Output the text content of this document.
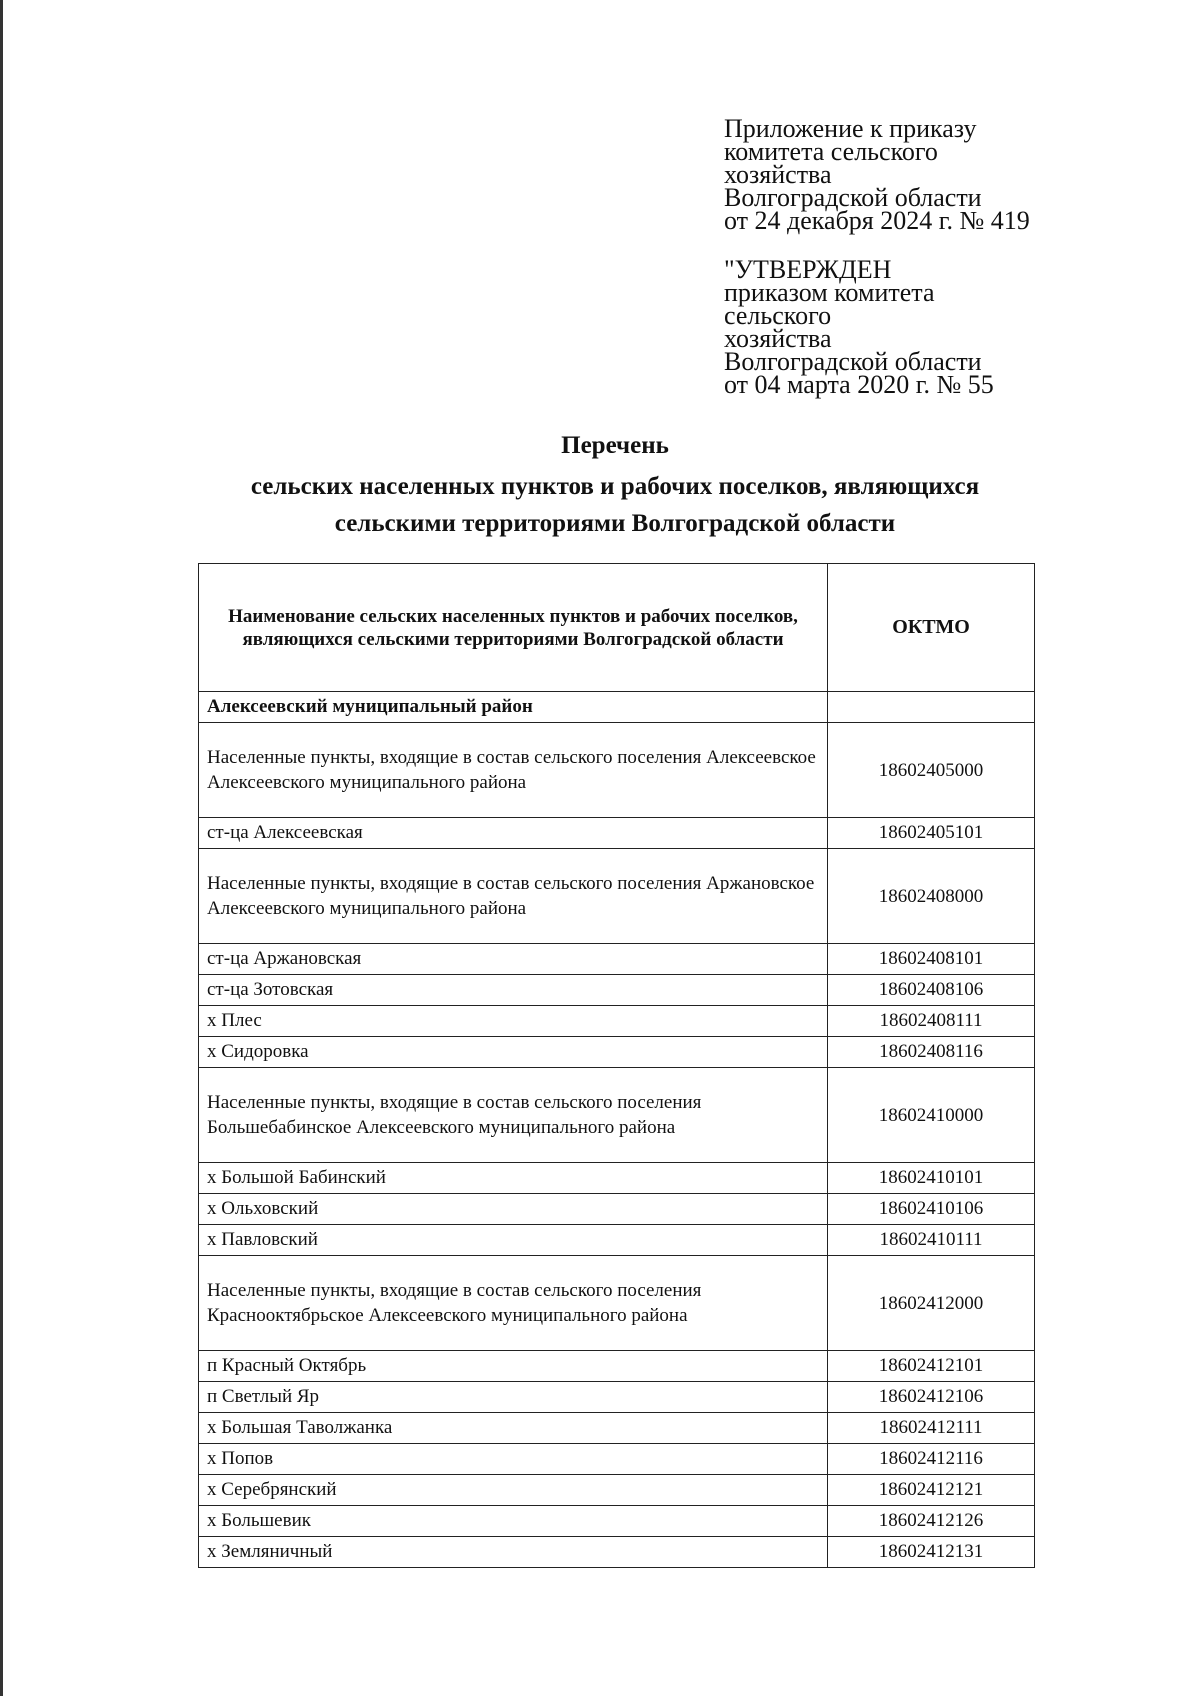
Приложение к приказу
комитета сельского
хозяйства
Волгоградской области
от 24 декабря 2024 г. № 419
"УТВЕРЖДЕН
приказом комитета
сельского
хозяйства
Волгоградской области
от 04 марта 2020 г. № 55
Перечень
сельских населенных пунктов и рабочих поселков, являющихся
сельскими территориями Волгоградской области
Наименование сельских населенных пунктов и рабочих поселков, являющихся сельскими территориями Волгоградской области	ОКТМО
Алексеевский муниципальный район	
Населенные пункты, входящие в состав сельского поселения Алексеевское Алексеевского муниципального района	18602405000
ст-ца Алексеевская	18602405101
Населенные пункты, входящие в состав сельского поселения Аржановское Алексеевского муниципального района	18602408000
ст-ца Аржановская	18602408101
ст-ца Зотовская	18602408106
х Плес	18602408111
х Сидоровка	18602408116
Населенные пункты, входящие в состав сельского поселения Большебабинское Алексеевского муниципального района	18602410000
х Большой Бабинский	18602410101
х Ольховский	18602410106
х Павловский	18602410111
Населенные пункты, входящие в состав сельского поселения Краснооктябрьское Алексеевского муниципального района	18602412000
п Красный Октябрь	18602412101
п Светлый Яр	18602412106
х Большая Таволжанка	18602412111
х Попов	18602412116
х Серебрянский	18602412121
х Большевик	18602412126
х Земляничный	18602412131
